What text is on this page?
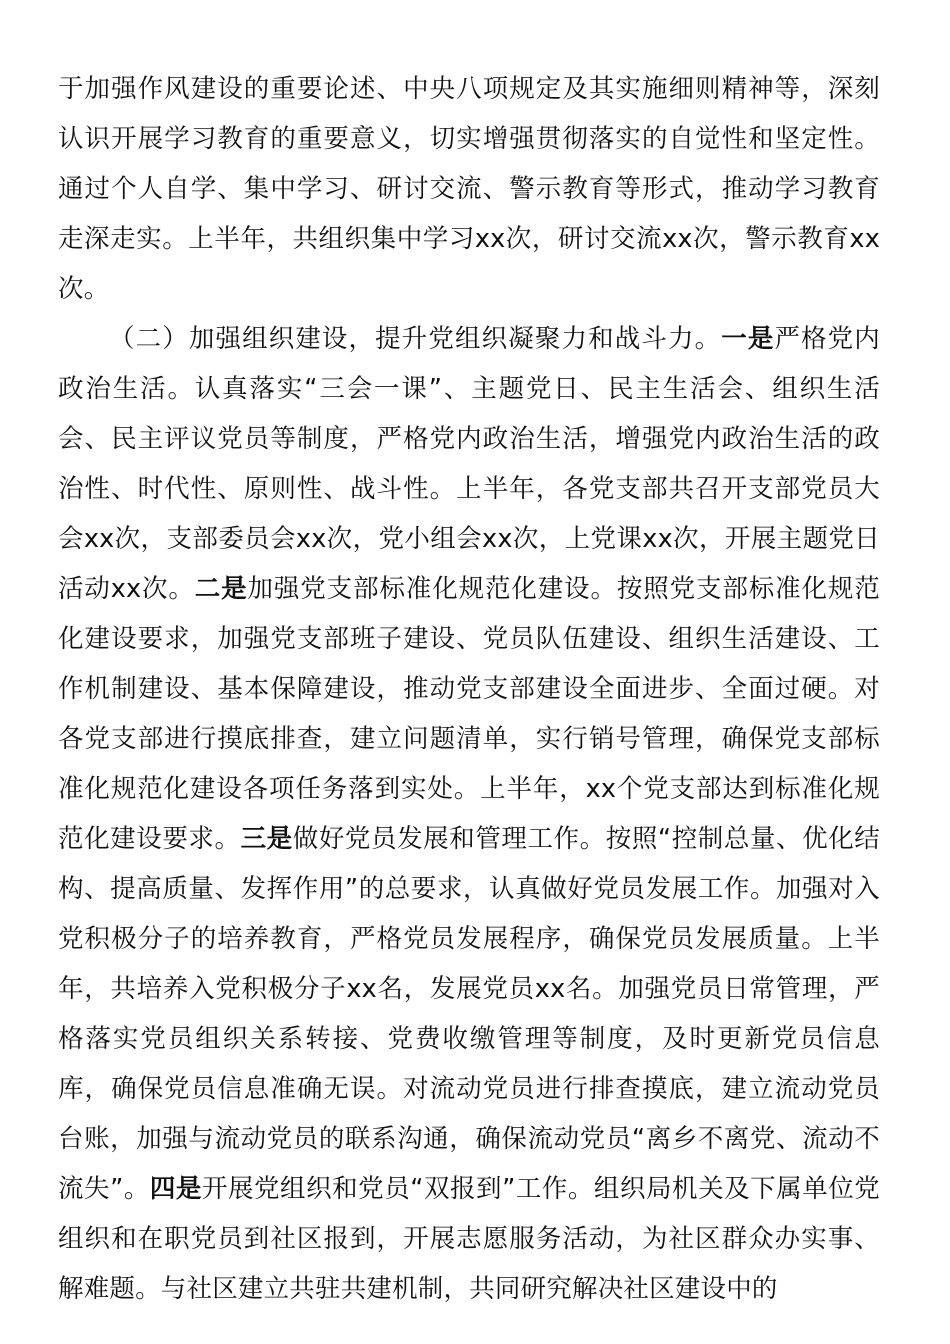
于加强作风建设的重要论述、中央八项规定及其实施细则精神等，深刻认识开展学习教育的重要意义，切实增强贯彻落实的自觉性和坚定性。通过个人自学、集中学习、研讨交流、警示教育等形式，推动学习教育走深走实。上半年，共组织集中学习xx次，研讨交流xx次，警示教育xx次。

（二）加强组织建设，提升党组织凝聚力和战斗力。一是严格党内政治生活。认真落实“三会一课”、主题党日、民主生活会、组织生活会、民主评议党员等制度，严格党内政治生活，增强党内政治生活的政治性、时代性、原则性、战斗性。上半年，各党支部共召开支部党员大会xx次，支部委员会xx次，党小组会xx次，上党课xx次，开展主题党日活动xx次。二是加强党支部标准化规范化建设。按照党支部标准化规范化建设要求，加强党支部班子建设、党员队伍建设、组织生活建设、工作机制建设、基本保障建设，推动党支部建设全面进步、全面过硬。对各党支部进行摸底排查，建立问题清单，实行销号管理，确保党支部标准化规范化建设各项任务落到实处。上半年，xx个党支部达到标准化规范化建设要求。三是做好党员发展和管理工作。按照“控制总量、优化结构、提高质量、发挥作用”的总要求，认真做好党员发展工作。加强对入党积极分子的培养教育，严格党员发展程序，确保党员发展质量。上半年，共培养入党积极分子xx名，发展党员xx名。加强党员日常管理，严格落实党员组织关系转接、党费收缴管理等制度，及时更新党员信息库，确保党员信息准确无误。对流动党员进行排查摸底，建立流动党员台账，加强与流动党员的联系沟通，确保流动党员“离乡不离党、流动不流失”。四是开展党组织和党员“双报到”工作。组织局机关及下属单位党组织和在职党员到社区报到，开展志愿服务活动，为社区群众办实事、解难题。与社区建立共驻共建机制，共同研究解决社区建设中的
